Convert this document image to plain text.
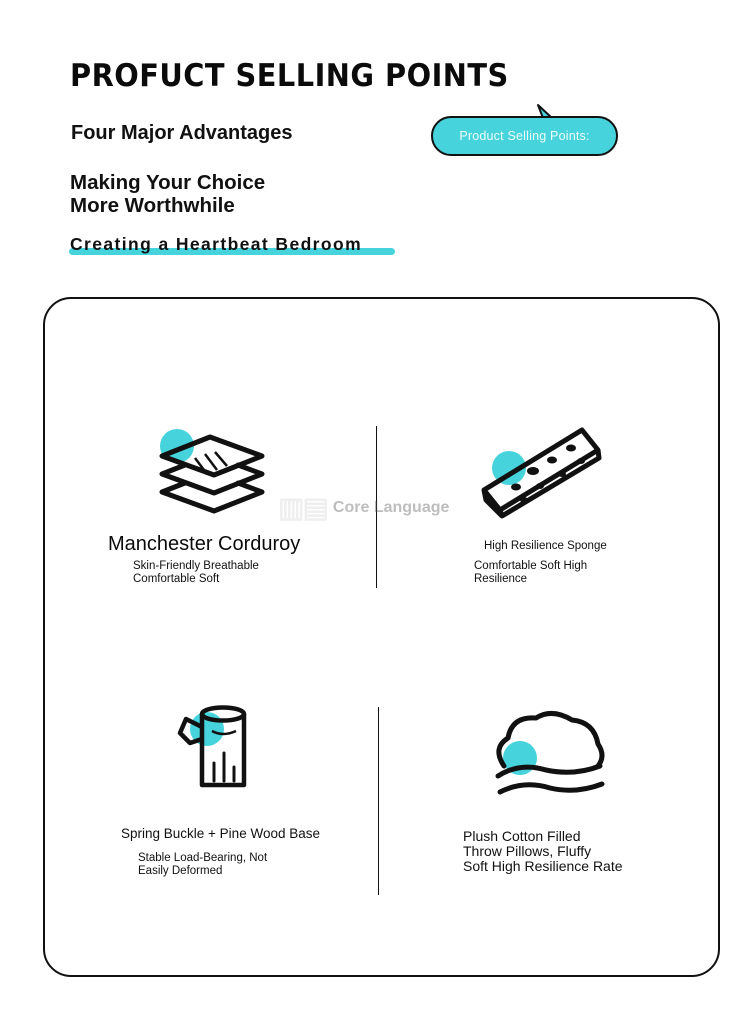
PROFUCT SELLING POINTS
Four Major Advantages
Making Your Choice
More Worthwhile
Creating a Heartbeat Bedroom
Product Selling Points:
▥▤ Core Language
Manchester Corduroy
Skin-Friendly Breathable
Comfortable Soft
High Resilience Sponge
Comfortable Soft High
Resilience
Spring Buckle + Pine Wood Base
Stable Load-Bearing, Not
Easily Deformed
Plush Cotton Filled
Throw Pillows, Fluffy
Soft High Resilience Rate
